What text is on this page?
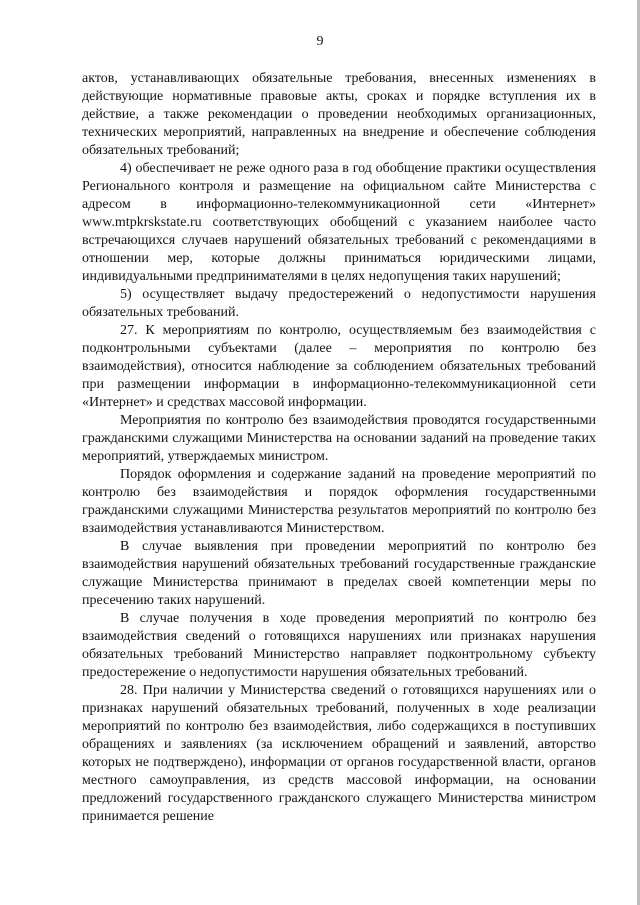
9

актов, устанавливающих обязательные требования, внесенных изменениях в действующие нормативные правовые акты, сроках и порядке вступления их в действие, а также рекомендации о проведении необходимых организационных, технических мероприятий, направленных на внедрение и обеспечение соблюдения обязательных требований;

4) обеспечивает не реже одного раза в год обобщение практики осуществления Регионального контроля и размещение на официальном сайте Министерства с адресом в информационно-телекоммуникационной сети «Интернет» www.mtpkrskstate.ru соответствующих обобщений с указанием наиболее часто встречающихся случаев нарушений обязательных требований с рекомендациями в отношении мер, которые должны приниматься юридическими лицами, индивидуальными предпринимателями в целях недопущения таких нарушений;

5) осуществляет выдачу предостережений о недопустимости нарушения обязательных требований.

27. К мероприятиям по контролю, осуществляемым без взаимодействия с подконтрольными субъектами (далее – мероприятия по контролю без взаимодействия), относится наблюдение за соблюдением обязательных требований при размещении информации в информационно-телекоммуникационной сети «Интернет» и средствах массовой информации.

Мероприятия по контролю без взаимодействия проводятся государственными гражданскими служащими Министерства на основании заданий на проведение таких мероприятий, утверждаемых министром.

Порядок оформления и содержание заданий на проведение мероприятий по контролю без взаимодействия и порядок оформления государственными гражданскими служащими Министерства результатов мероприятий по контролю без взаимодействия устанавливаются Министерством.

В случае выявления при проведении мероприятий по контролю без взаимодействия нарушений обязательных требований государственные гражданские служащие Министерства принимают в пределах своей компетенции меры по пресечению таких нарушений.

В случае получения в ходе проведения мероприятий по контролю без взаимодействия сведений о готовящихся нарушениях или признаках нарушения обязательных требований Министерство направляет подконтрольному субъекту предостережение о недопустимости нарушения обязательных требований.

28. При наличии у Министерства сведений о готовящихся нарушениях или о признаках нарушений обязательных требований, полученных в ходе реализации мероприятий по контролю без взаимодействия, либо содержащихся в поступивших обращениях и заявлениях (за исключением обращений и заявлений, авторство которых не подтверждено), информации от органов государственной власти, органов местного самоуправления, из средств массовой информации, на основании предложений государственного гражданского служащего Министерства министром принимается решение
